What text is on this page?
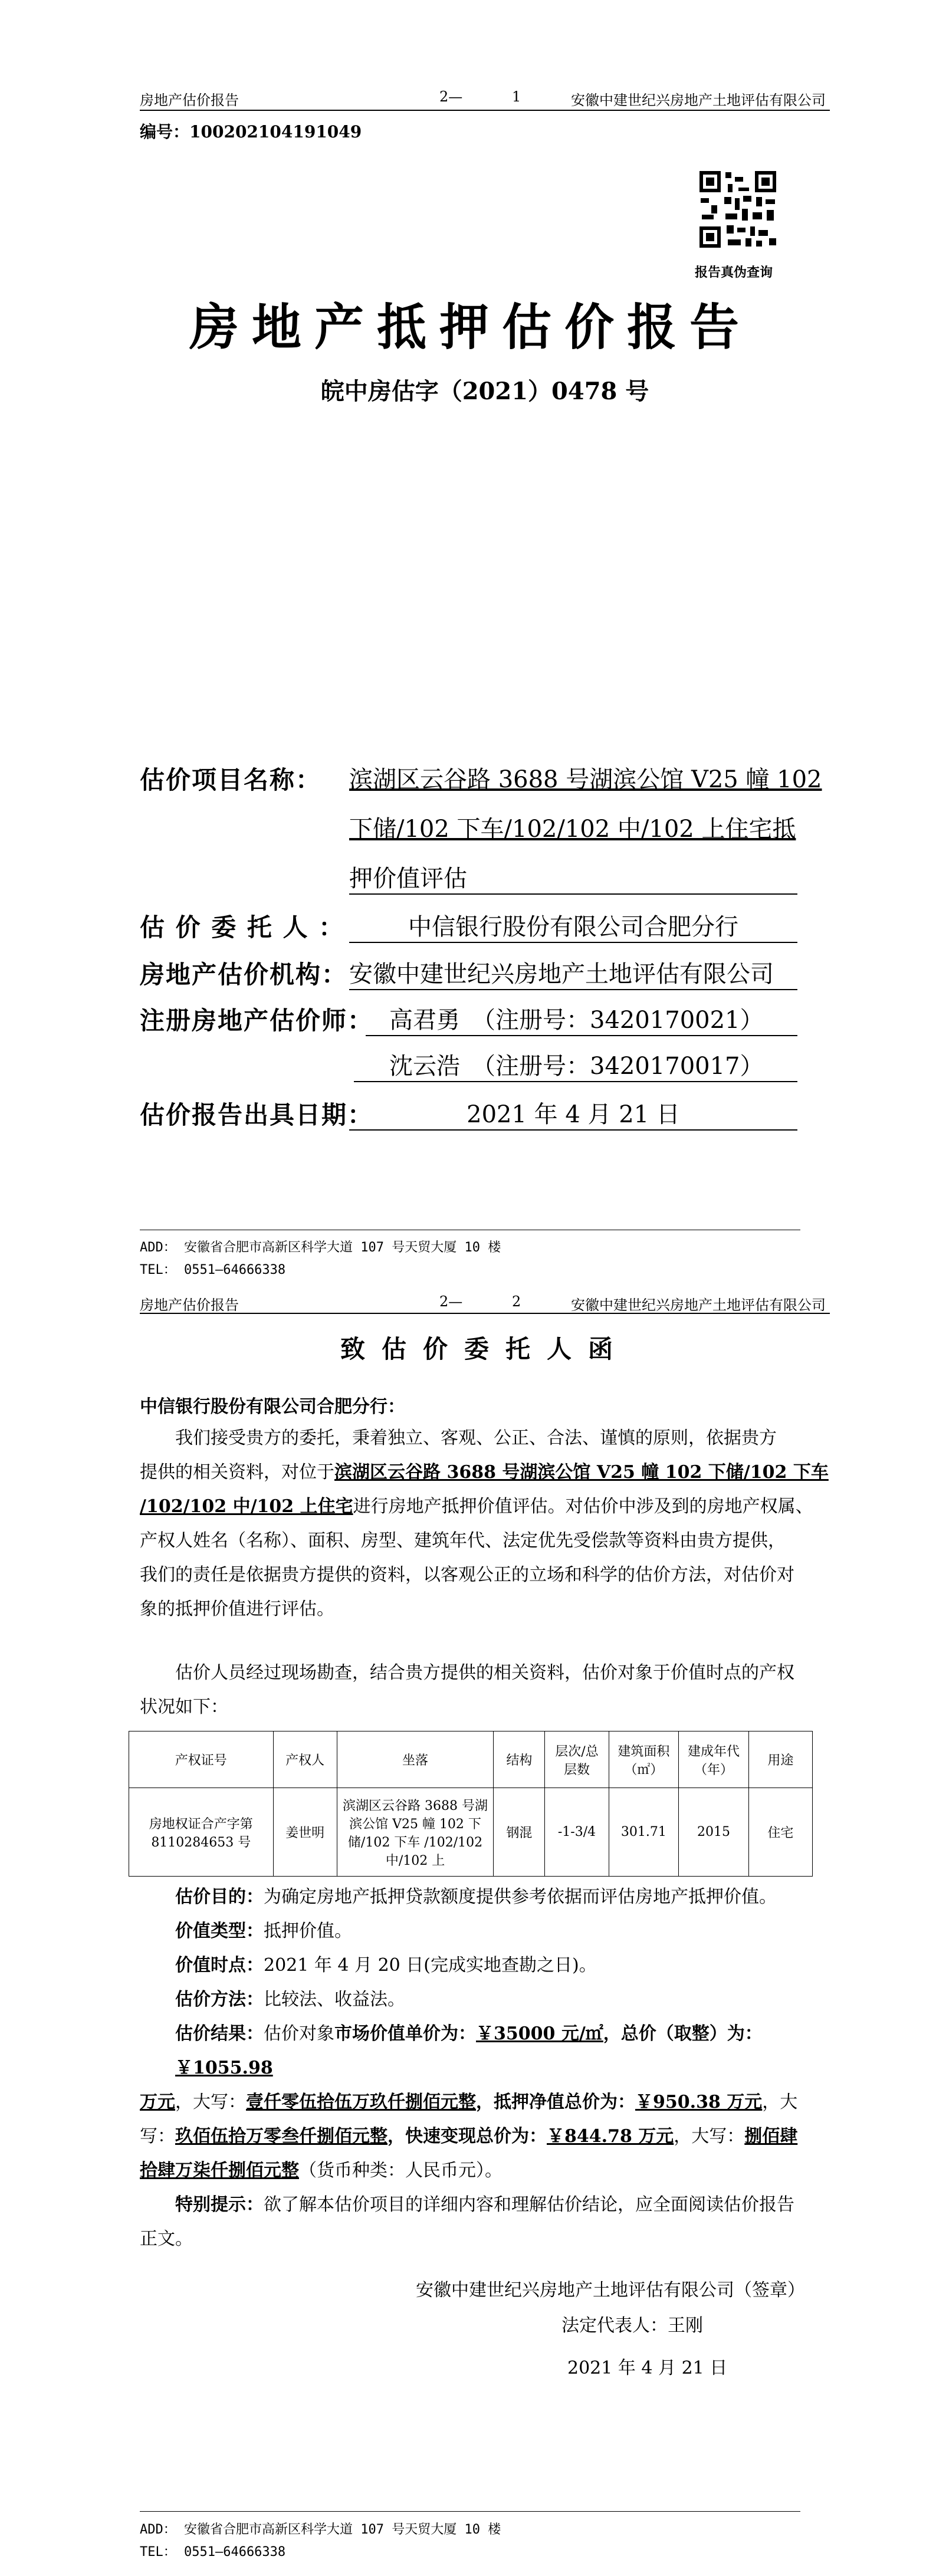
房地产估价报告	2—	1	安徽中建世纪兴房地产土地评估有限公司
编号：100202104191049
报告真伪查询
房地产抵押估价报告
皖中房估字（2021）0478 号
估价项目名称： 滨湖区云谷路 3688 号湖滨公馆 V25 幢 102
下储/102 下车/102/102 中/102 上住宅抵
押价值评估
估 价 委 托 人 ：	中信银行股份有限公司合肥分行
房地产估价机构： 安徽中建世纪兴房地产土地评估有限公司
注册房地产估价师： 高君勇　（注册号：3420170021）
沈云浩　（注册号：3420170017）
估价报告出具日期：	2021 年 4 月 21 日
ADD： 安徽省合肥市高新区科学大道 107 号天贸大厦 10 楼
TEL： 0551—64666338
房地产估价报告	2—	2	安徽中建世纪兴房地产土地评估有限公司
致估价委托人函
中信银行股份有限公司合肥分行：
我们接受贵方的委托，秉着独立、客观、公正、合法、谨慎的原则，依据贵方
提供的相关资料，对位于滨湖区云谷路 3688 号湖滨公馆 V25 幢 102 下储/102 下车
/102/102 中/102 上住宅进行房地产抵押价值评估。对估价中涉及到的房地产权属、
产权人姓名（名称）、面积、房型、建筑年代、法定优先受偿款等资料由贵方提供，
我们的责任是依据贵方提供的资料，以客观公正的立场和科学的估价方法，对估价对
象的抵押价值进行评估。
估价人员经过现场勘查，结合贵方提供的相关资料，估价对象于价值时点的产权
状况如下：
产权证号	产权人	坐落	结构	层次/总层数	建筑面积（㎡）	建成年代（年）	用途
房地权证合产字第 8110284653 号	姜世明	滨湖区云谷路 3688 号湖滨公馆 V25 幢 102 下储/102 下车 /102/102 中/102 上	钢混	-1-3/4	301.71	2015	住宅
估价目的：为确定房地产抵押贷款额度提供参考依据而评估房地产抵押价值。
价值类型：抵押价值。
价值时点：2021 年 4 月 20 日(完成实地查勘之日)。
估价方法：比较法、收益法。
估价结果：估价对象市场价值单价为：￥35000 元/㎡，总价（取整）为：￥1055.98
万元，大写：壹仟零伍拾伍万玖仟捌佰元整，抵押净值总价为：￥950.38 万元，大
写：玖佰伍拾万零叁仟捌佰元整，快速变现总价为：￥844.78 万元，大写：捌佰肆
拾肆万柒仟捌佰元整（货币种类：人民币元）。
特别提示：欲了解本估价项目的详细内容和理解估价结论，应全面阅读估价报告
正文。
安徽中建世纪兴房地产土地评估有限公司（签章）
法定代表人：王刚
2021 年 4 月 21 日
ADD： 安徽省合肥市高新区科学大道 107 号天贸大厦 10 楼
TEL： 0551—64666338
